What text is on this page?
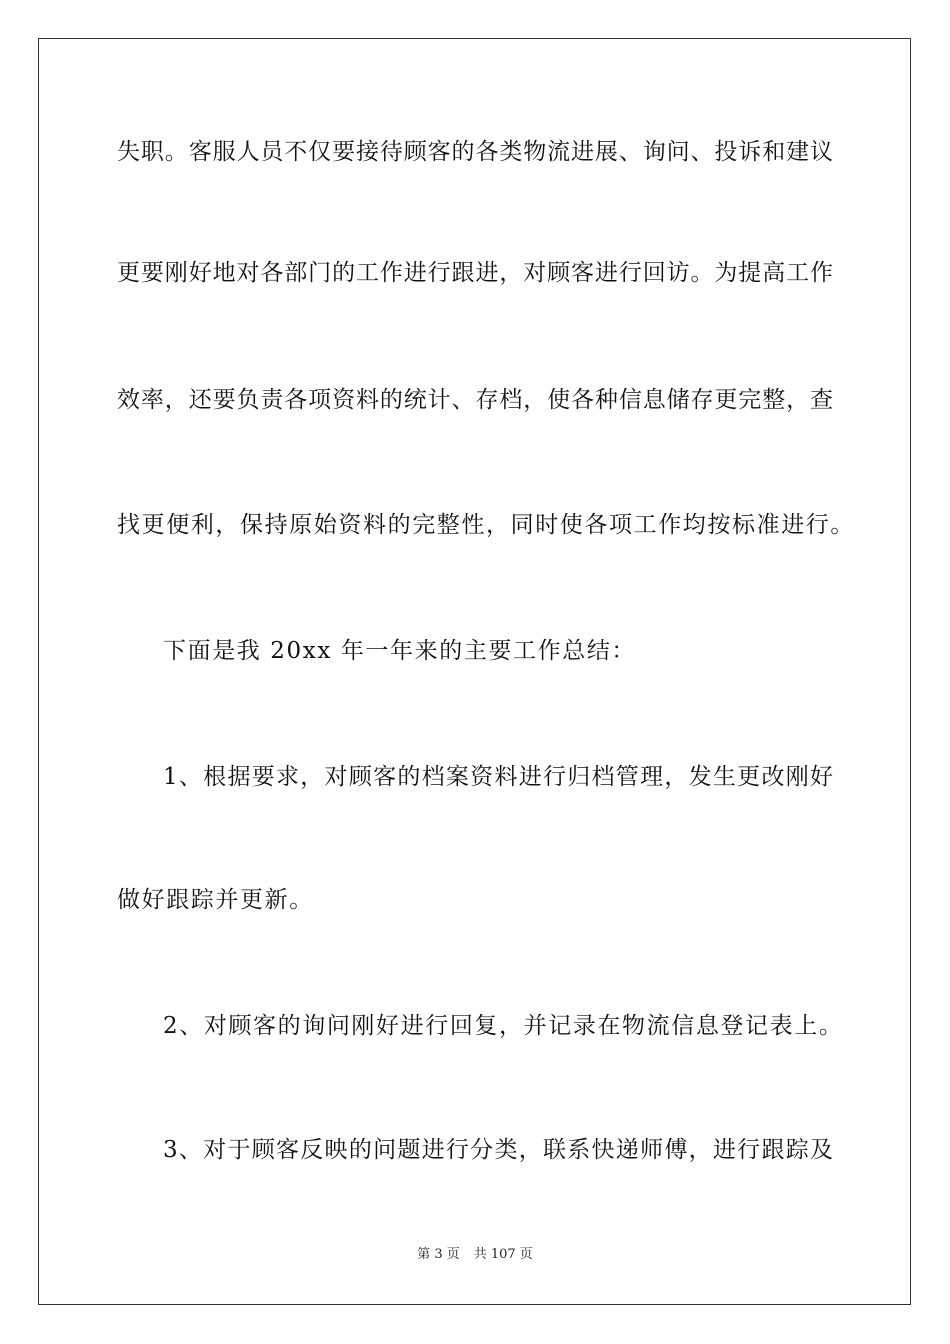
失职。客服人员不仅要接待顾客的各类物流进展、询问、投诉和建议
更要刚好地对各部门的工作进行跟进，对顾客进行回访。为提高工作
效率，还要负责各项资料的统计、存档，使各种信息储存更完整，查
找更便利，保持原始资料的完整性，同时使各项工作均按标准进行。
下面是我 20xx 年一年来的主要工作总结：
1、根据要求，对顾客的档案资料进行归档管理，发生更改刚好
做好跟踪并更新。
2、对顾客的询问刚好进行回复，并记录在物流信息登记表上。
3、对于顾客反映的问题进行分类，联系快递师傅，进行跟踪及
第 3 页 共 107 页
